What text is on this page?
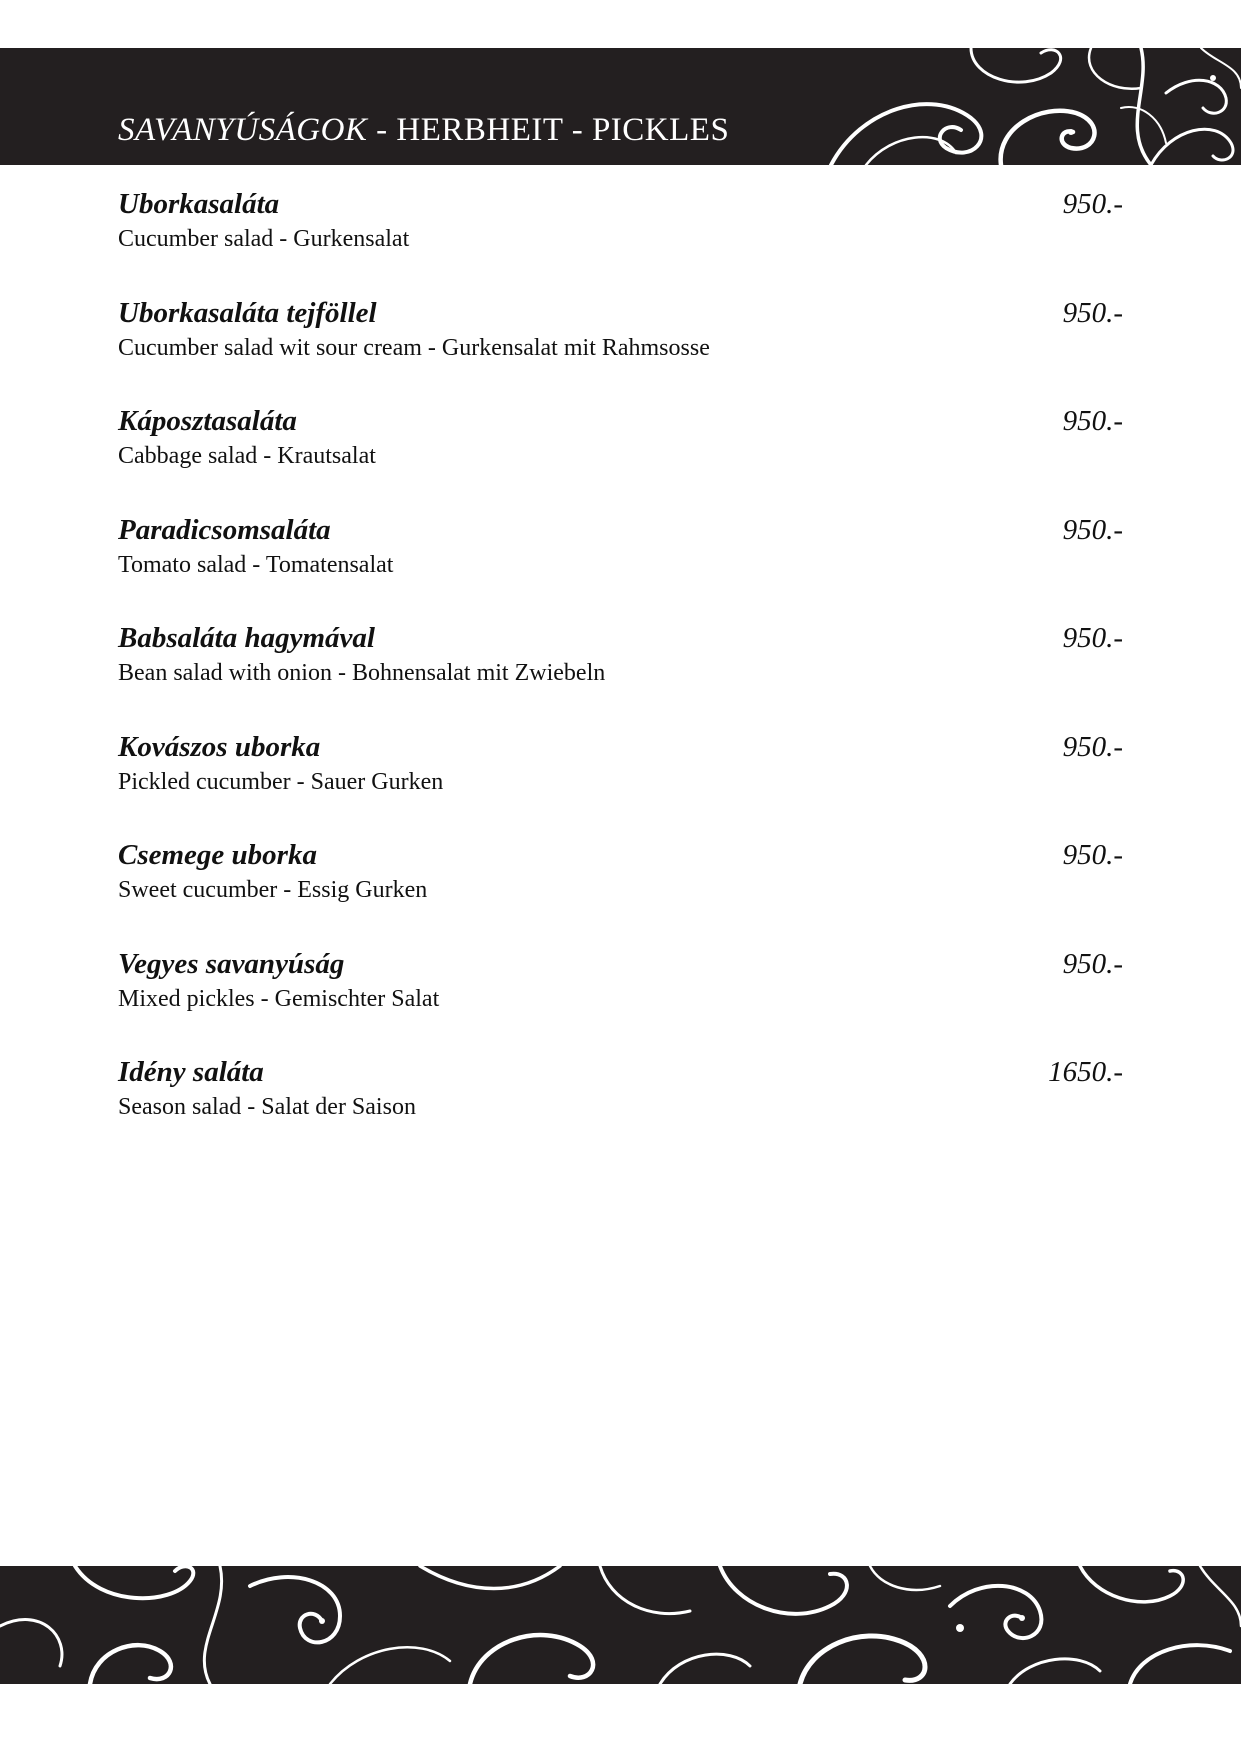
SAVANYÚSÁGOK - HERBHEIT - PICKLES
Uborkasaláta	950.-
Cucumber salad - Gurkensalat
Uborkasaláta tejföllel	950.-
Cucumber salad wit sour cream - Gurkensalat mit Rahmsosse
Káposztasaláta	950.-
Cabbage salad - Krautsalat
Paradicsomsaláta	950.-
Tomato salad - Tomatensalat
Babsaláta hagymával	950.-
Bean salad with onion - Bohnensalat mit Zwiebeln
Kovászos uborka	950.-
Pickled cucumber - Sauer Gurken
Csemege uborka	950.-
Sweet cucumber - Essig Gurken
Vegyes savanyúság	950.-
Mixed pickles - Gemischter Salat
Idény saláta	1650.-
Season salad - Salat der Saison
